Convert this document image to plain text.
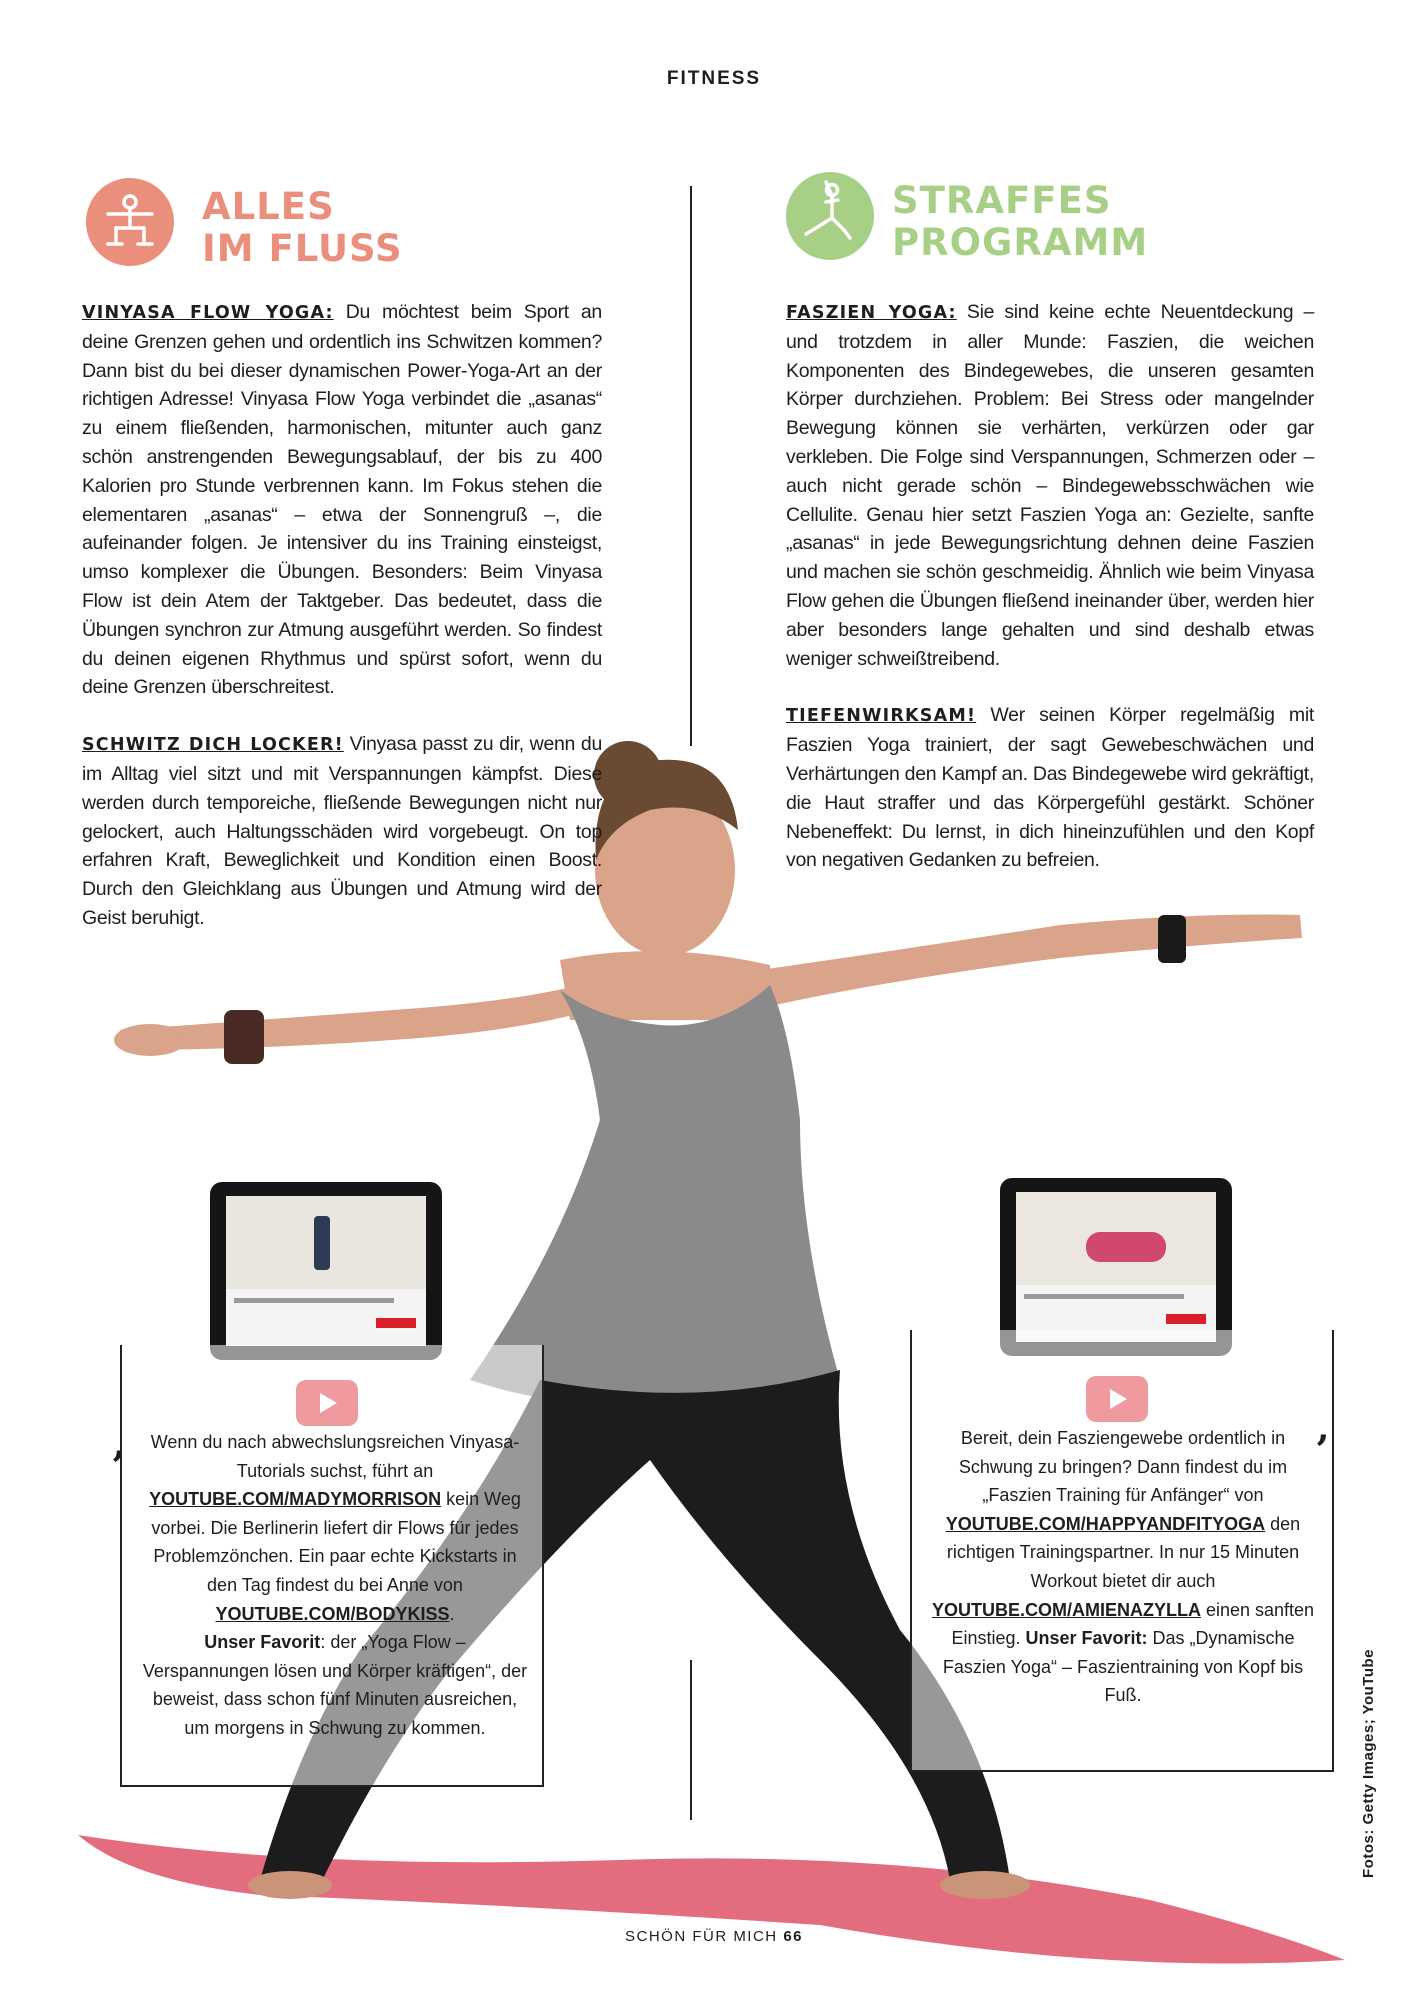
FITNESS
ALLES
IM FLUSS
STRAFFES
PROGRAMM

VINYASA FLOW YOGA: Du möchtest beim Sport an deine Grenzen gehen und ordentlich ins Schwitzen kommen? Dann bist du bei dieser dynamischen Power-Yoga-Art an der richtigen Adresse! Vinyasa Flow Yoga verbindet die „asanas“ zu einem fließenden, harmonischen, mitunter auch ganz schön anstrengenden Bewegungsablauf, der bis zu 400 Kalorien pro Stunde verbrennen kann. Im Fokus stehen die elementaren „asanas“ – etwa der Sonnengruß –, die aufeinander folgen. Je intensiver du ins Training einsteigst, umso komplexer die Übungen. Besonders: Beim Vinyasa Flow ist dein Atem der Taktgeber. Das bedeutet, dass die Übungen synchron zur Atmung ausgeführt werden. So findest du deinen eigenen Rhythmus und spürst sofort, wenn du deine Grenzen überschreitest.

SCHWITZ DICH LOCKER! Vinyasa passt zu dir, wenn du im Alltag viel sitzt und mit Verspannungen kämpfst. Diese werden durch temporeiche, fließende Bewegungen nicht nur gelockert, auch Haltungsschäden wird vorgebeugt. On top erfahren Kraft, Beweglichkeit und Kondition einen Boost. Durch den Gleichklang aus Übungen und Atmung wird der Geist beruhigt.

FASZIEN YOGA: Sie sind keine echte Neuentdeckung – und trotzdem in aller Munde: Faszien, die weichen Komponenten des Bindegewebes, die unseren gesamten Körper durchziehen. Problem: Bei Stress oder mangelnder Bewegung können sie verhärten, verkürzen oder gar verkleben. Die Folge sind Verspannungen, Schmerzen oder – auch nicht gerade schön – Bindegewebsschwächen wie Cellulite. Genau hier setzt Faszien Yoga an: Gezielte, sanfte „asanas“ in jede Bewegungsrichtung dehnen deine Faszien und machen sie schön geschmeidig. Ähnlich wie beim Vinyasa Flow gehen die Übungen fließend ineinander über, werden hier aber besonders lange gehalten und sind deshalb etwas weniger schweißtreibend.

TIEFENWIRKSAM! Wer seinen Körper regelmäßig mit Faszien Yoga trainiert, der sagt Gewebeschwächen und Verhärtungen den Kampf an. Das Bindegewebe wird gekräftigt, die Haut straffer und das Körpergefühl gestärkt. Schöner Nebeneffekt: Du lernst, in dich hineinzufühlen und den Kopf von negativen Gedanken zu befreien.

‚	Wenn du nach abwechslungsreichen Vinyasa-Tutorials suchst, führt an YOUTUBE.COM/MADYMORRISON kein Weg vorbei. Die Berlinerin liefert dir Flows für jedes Problemzönchen. Ein paar echte Kickstarts in den Tag findest du bei Anne von YOUTUBE.COM/BODYKISS.
Unser Favorit: der „Yoga Flow – Verspannungen lösen und Körper kräftigen“, der beweist, dass schon fünf Minuten ausreichen, um morgens in Schwung zu kommen.

‚

Bereit, dein Fasziengewebe ordentlich in Schwung zu bringen? Dann findest du im „Faszien Training für Anfänger“ von YOUTUBE.COM/HAPPYANDFITYOGA den richtigen Trainingspartner. In nur 15 Minuten Workout bietet dir auch YOUTUBE.COM/AMIENAZYLLA einen sanften Einstieg. Unser Favorit: Das „Dynamische Faszien Yoga“ – Faszientraining von Kopf bis Fuß.	Fotos: Getty Images; YouTube
SCHÖN FÜR MICH 66
